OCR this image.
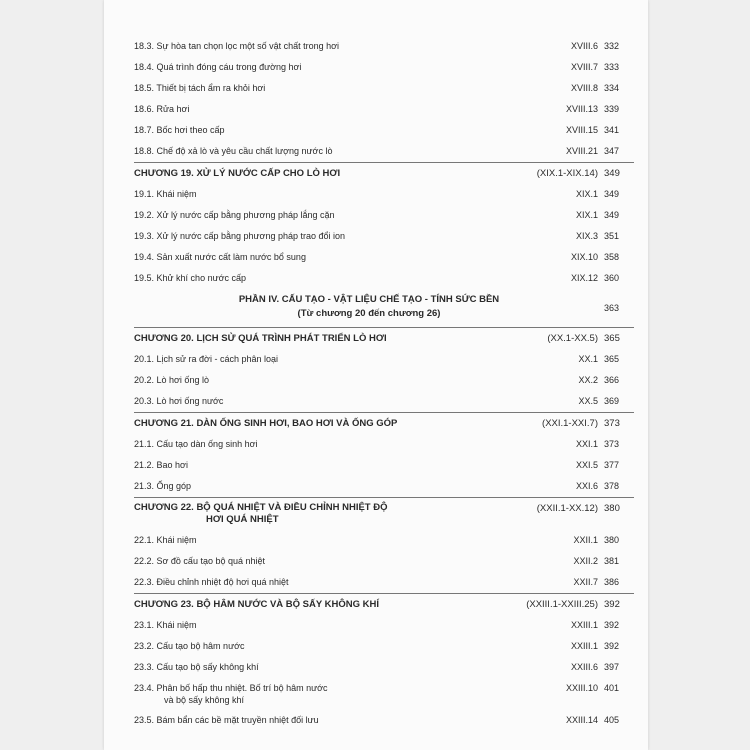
18.3. Sự hòa tan chọn lọc một số vật chất trong hơi	XVIII.6 332
18.4. Quá trình đóng cáu trong đường hơi	XVIII.7 333
18.5. Thiết bị tách ẩm ra khỏi hơi	XVIII.8 334
18.6. Rửa hơi	XVIII.13 339
18.7. Bốc hơi theo cấp	XVIII.15 341
18.8. Chế độ xả lò và yêu cầu chất lượng nước lò	XVIII.21 347
CHƯƠNG 19. XỬ LÝ NƯỚC CẤP CHO LÒ HƠI	(XIX.1-XIX.14) 349
19.1. Khái niệm	XIX.1 349
19.2. Xử lý nước cấp bằng phương pháp lắng cặn	XIX.1 349
19.3. Xử lý nước cấp bằng phương pháp trao đổi ion	XIX.3 351
19.4. Sản xuất nước cất làm nước bổ sung	XIX.10 358
19.5. Khử khí cho nước cấp	XIX.12 360
PHẦN IV. CẤU TẠO - VẬT LIỆU CHẾ TẠO - TÍNH SỨC BỀN
(Từ chương 20 đến chương 26)	363
CHƯƠNG 20. LỊCH SỬ QUÁ TRÌNH PHÁT TRIỂN LÒ HƠI	(XX.1-XX.5) 365
20.1. Lịch sử ra đời - cách phân loại	XX.1 365
20.2. Lò hơi ống lò	XX.2 366
20.3. Lò hơi ống nước	XX.5 369
CHƯƠNG 21. DÀN ỐNG SINH HƠI, BAO HƠI VÀ ỐNG GÓP	(XXI.1-XXI.7) 373
21.1. Cấu tạo dàn ống sinh hơi	XXI.1 373
21.2. Bao hơi	XXI.5 377
21.3. Ống góp	XXI.6 378
CHƯƠNG 22. BỘ QUÁ NHIỆT VÀ ĐIỀU CHỈNH NHIỆT ĐỘ
HƠI QUÁ NHIỆT
(XXII.1-XX.12) 380
22.1. Khái niệm	XXII.1 380
22.2. Sơ đồ cấu tạo bộ quá nhiệt	XXII.2 381
22.3. Điều chỉnh nhiệt độ hơi quá nhiệt	XXII.7 386
CHƯƠNG 23. BỘ HÂM NƯỚC VÀ BỘ SẤY KHÔNG KHÍ	(XXIII.1-XXIII.25) 392
23.1. Khái niệm	XXIII.1 392
23.2. Cấu tạo bộ hâm nước	XXIII.1 392
23.3. Cấu tạo bộ sấy không khí	XXIII.6 397
23.4. Phân bố hấp thu nhiệt. Bố trí bộ hâm nước
và bộ sấy không khí
XXIII.10 401
23.5. Bám bẩn các bề mặt truyền nhiệt đối lưu	XXIII.14 405
